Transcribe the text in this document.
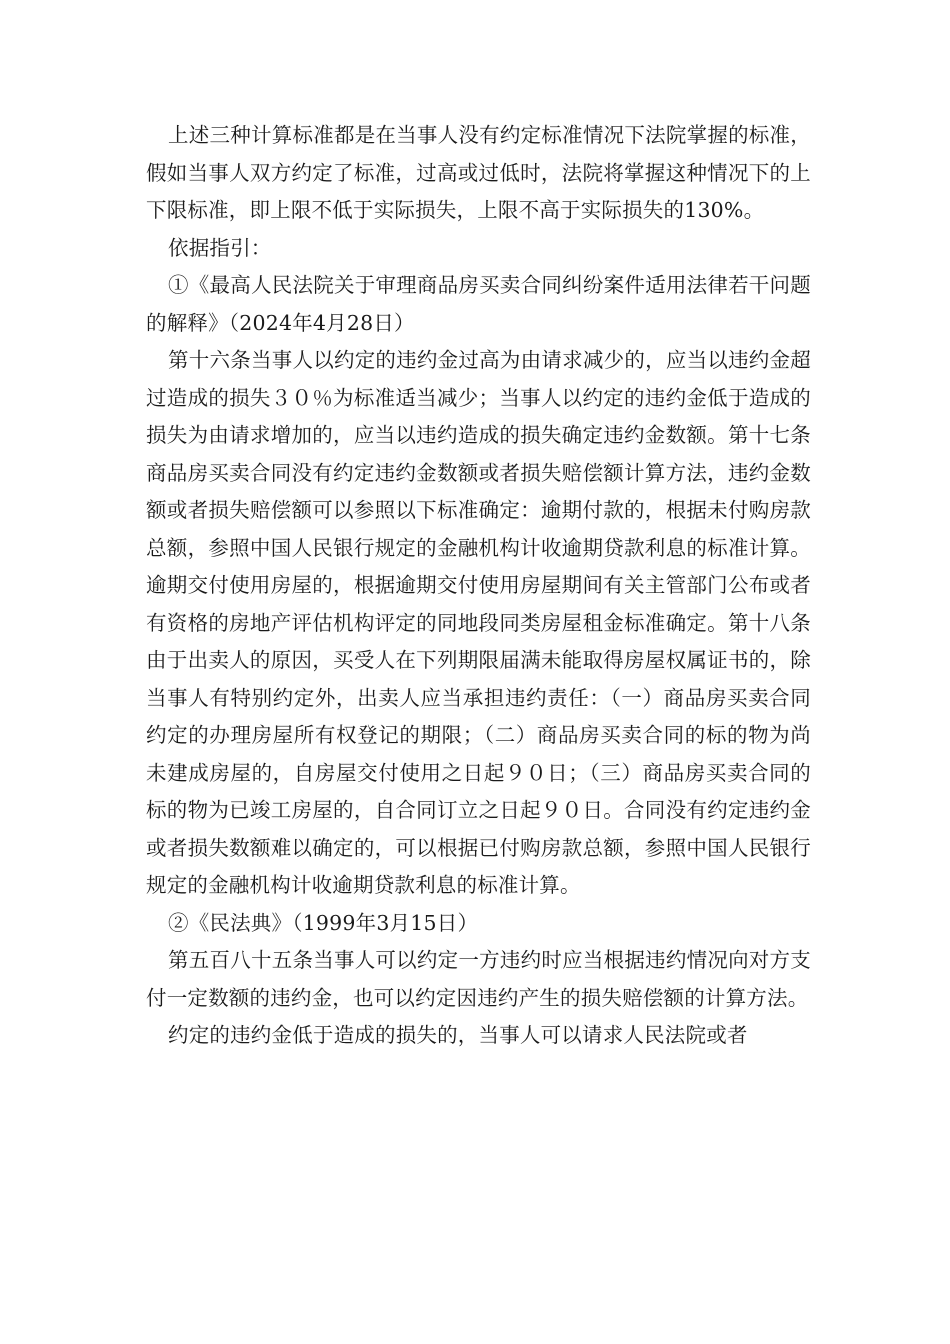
上述三种计算标准都是在当事人没有约定标准情况下法院掌握的标准，假如当事人双方约定了标准，过高或过低时，法院将掌握这种情况下的上下限标准，即上限不低于实际损失，上限不高于实际损失的130%。

依据指引：

①《最高人民法院关于审理商品房买卖合同纠纷案件适用法律若干问题的解释》（2024年4月28日）

第十六条当事人以约定的违约金过高为由请求减少的，应当以违约金超过造成的损失３０％为标准适当减少；当事人以约定的违约金低于造成的损失为由请求增加的，应当以违约造成的损失确定违约金数额。第十七条商品房买卖合同没有约定违约金数额或者损失赔偿额计算方法，违约金数额或者损失赔偿额可以参照以下标准确定：逾期付款的，根据未付购房款总额，参照中国人民银行规定的金融机构计收逾期贷款利息的标准计算。逾期交付使用房屋的，根据逾期交付使用房屋期间有关主管部门公布或者有资格的房地产评估机构评定的同地段同类房屋租金标准确定。第十八条由于出卖人的原因，买受人在下列期限届满未能取得房屋权属证书的，除当事人有特别约定外，出卖人应当承担违约责任：（一）商品房买卖合同约定的办理房屋所有权登记的期限；（二）商品房买卖合同的标的物为尚未建成房屋的，自房屋交付使用之日起９０日；（三）商品房买卖合同的标的物为已竣工房屋的，自合同订立之日起９０日。合同没有约定违约金或者损失数额难以确定的，可以根据已付购房款总额，参照中国人民银行规定的金融机构计收逾期贷款利息的标准计算。

②《民法典》（1999年3月15日）

第五百八十五条当事人可以约定一方违约时应当根据违约情况向对方支付一定数额的违约金，也可以约定因违约产生的损失赔偿额的计算方法。

约定的违约金低于造成的损失的，当事人可以请求人民法院或者
